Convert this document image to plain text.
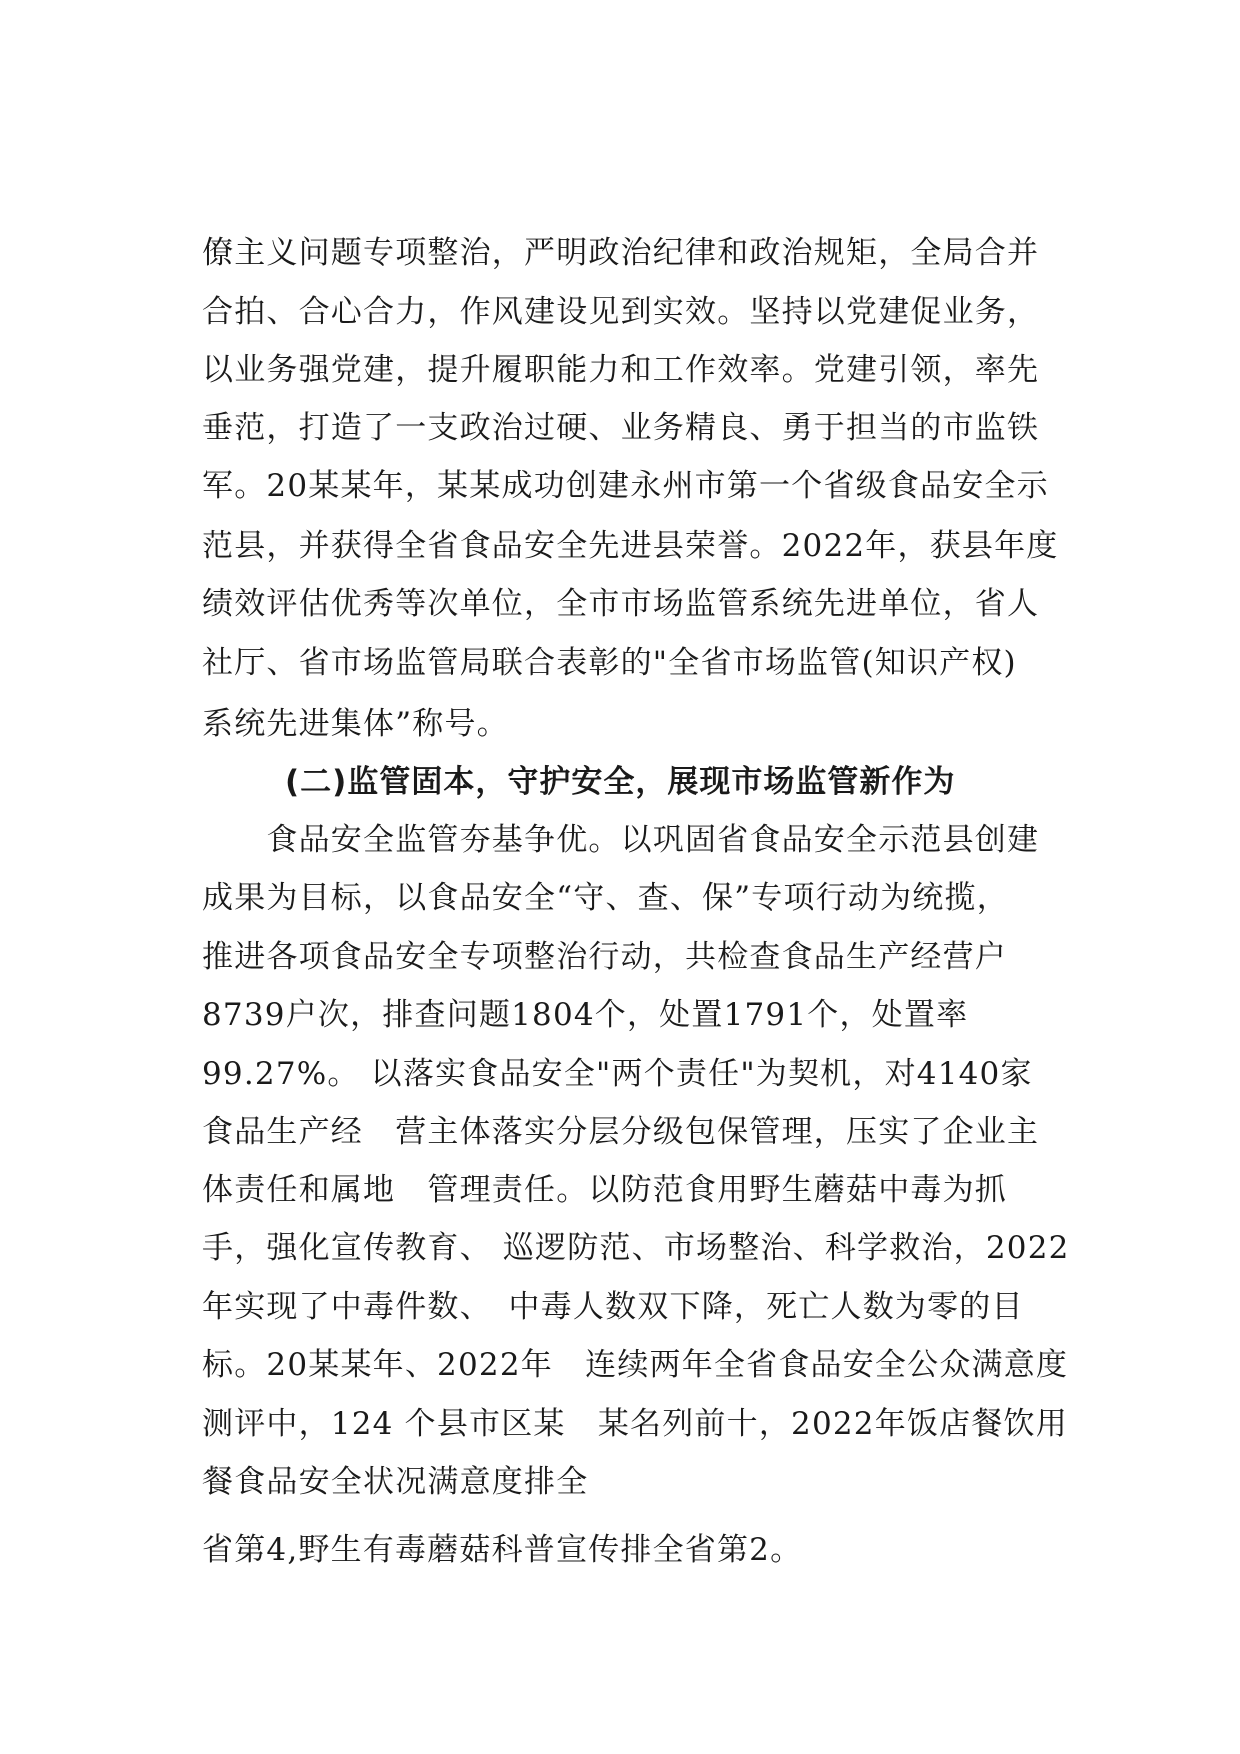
僚主义问题专项整治，严明政治纪律和政治规矩，全局合并
合拍、合心合力，作风建设见到实效。坚持以党建促业务，
以业务强党建，提升履职能力和工作效率。党建引领，率先
垂范，打造了一支政治过硬、业务精良、勇于担当的市监铁
军。20某某年，某某成功创建永州市第一个省级食品安全示
范县，并获得全省食品安全先进县荣誉。2022年，获县年度
绩效评估优秀等次单位，全市市场监管系统先进单位，省人
社厅、省市场监管局联合表彰的"全省市场监管(知识产权)
系统先进集体”称号。
(二)监管固本，守护安全，展现市场监管新作为
　　食品安全监管夯基争优。以巩固省食品安全示范县创建
成果为目标，以食品安全“守、查、保”专项行动为统揽，
推进各项食品安全专项整治行动，共检查食品生产经营户
8739户次，排查问题1804个，处置1791个，处置率
99.27%。 以落实食品安全"两个责任"为契机，对4140家
食品生产经　营主体落实分层分级包保管理，压实了企业主
体责任和属地　管理责任。以防范食用野生蘑菇中毒为抓
手，强化宣传教育、 巡逻防范、市场整治、科学救治，2022
年实现了中毒件数、　中毒人数双下降，死亡人数为零的目
标。20某某年、2022年　连续两年全省食品安全公众满意度
测评中，124 个县市区某　某名列前十，2022年饭店餐饮用
餐食品安全状况满意度排全
省第4,野生有毒蘑菇科普宣传排全省第2。
